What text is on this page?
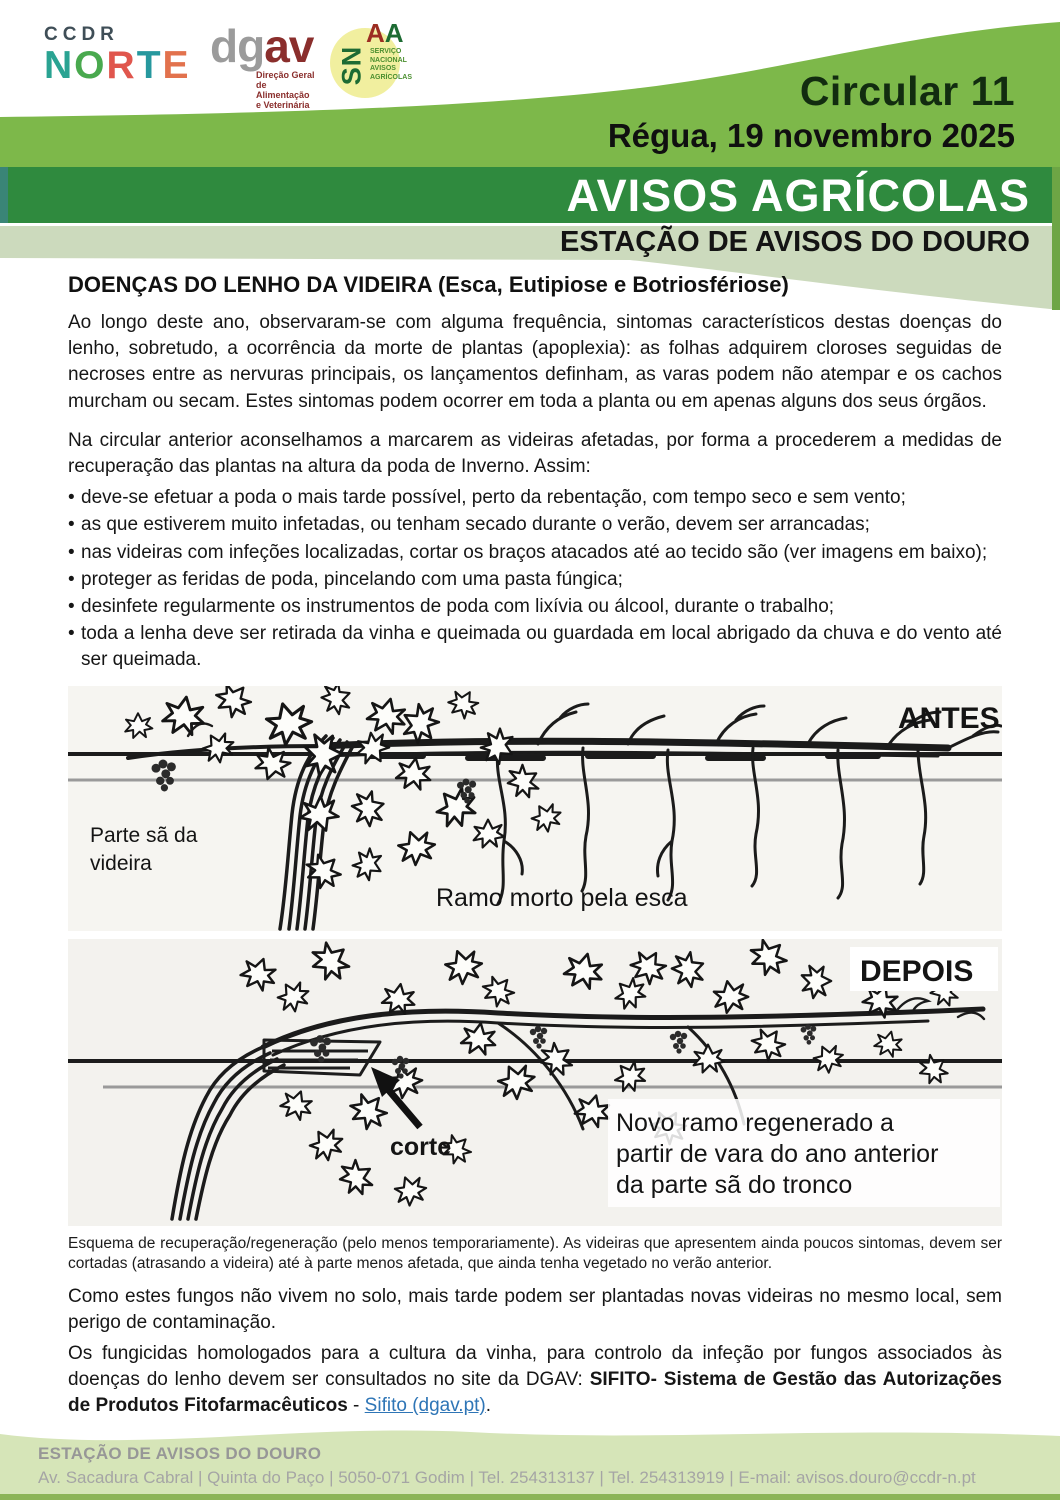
CCDR
NORTE dgav
Direção Geral
de Alimentação
e Veterinária
SN
AA
SERVIÇO
NACIONAL
AVISOS
AGRÍCOLAS	Circular 11
Régua, 19 novembro 2025
AVISOS AGRÍCOLAS
ESTAÇÃO DE AVISOS DO DOURO
DOENÇAS DO LENHO DA VIDEIRA (Esca, Eutipiose e Botriosfériose)

Ao longo deste ano, observaram-se com alguma frequência, sintomas característicos destas doenças do lenho, sobretudo, a ocorrência da morte de plantas (apoplexia): as folhas adquirem cloroses seguidas de necroses entre as nervuras principais, os lançamentos definham, as varas podem não atempar e os cachos murcham ou secam. Estes sintomas podem ocorrer em toda a planta ou em apenas alguns dos seus órgãos.

Na circular anterior aconselhamos a marcarem as videiras afetadas, por forma a procederem a medidas de recuperação das plantas na altura da poda de Inverno. Assim:

• deve-se efetuar a poda o mais tarde possível, perto da rebentação, com tempo seco e sem vento;
• as que estiverem muito infetadas, ou tenham secado durante o verão, devem ser arrancadas;
• nas videiras com infeções localizadas, cortar os braços atacados até ao tecido são (ver imagens em baixo);
• proteger as feridas de poda, pincelando com uma pasta fúngica;
• desinfete regularmente os instrumentos de poda com lixívia ou álcool, durante o trabalho;
• toda a lenha deve ser retirada da vinha e queimada ou guardada em local abrigado da chuva e do vento até ser queimada.
ANTES
Parte sã da
videira
Ramo morto pela esca
DEPOIS
corte
Novo ramo regenerado a
partir de vara do ano anterior
da parte sã do tronco

Esquema de recuperação/regeneração (pelo menos temporariamente). As videiras que apresentem ainda poucos sintomas, devem ser cortadas (atrasando a videira) até à parte menos afetada, que ainda tenha vegetado no verão anterior.

Como estes fungos não vivem no solo, mais tarde podem ser plantadas novas videiras no mesmo local, sem perigo de contaminação.

Os fungicidas homologados para a cultura da vinha, para controlo da infeção por fungos associados às doenças do lenho devem ser consultados no site da DGAV: SIFITO- Sistema de Gestão das Autorizações de Produtos Fitofarmacêuticos - Sifito (dgav.pt).

ESTAÇÃO DE AVISOS DO DOURO
Av. Sacadura Cabral | Quinta do Paço | 5050-071 Godim | Tel. 254313137 | Tel. 254313919 | E-mail: avisos.douro@ccdr-n.pt
